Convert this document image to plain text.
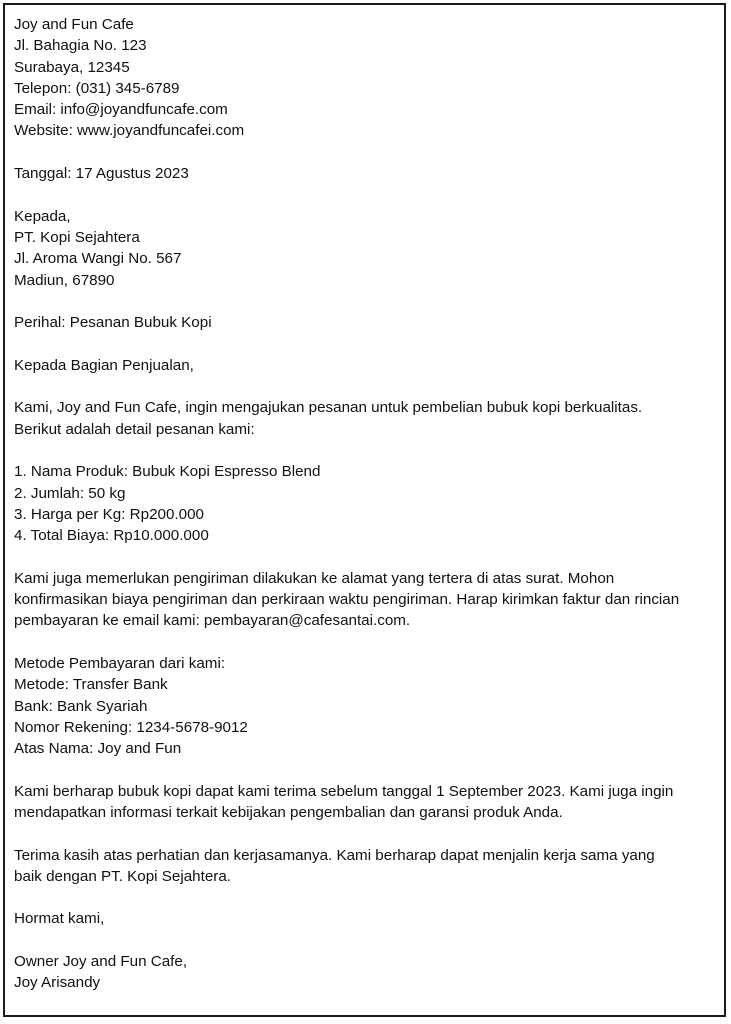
Joy and Fun Cafe
Jl. Bahagia No. 123
Surabaya, 12345
Telepon: (031) 345-6789
Email: info@joyandfuncafe.com
Website: www.joyandfuncafei.com
Tanggal: 17 Agustus 2023
Kepada,
PT. Kopi Sejahtera
Jl. Aroma Wangi No. 567
Madiun, 67890
Perihal: Pesanan Bubuk Kopi
Kepada Bagian Penjualan,
Kami, Joy and Fun Cafe, ingin mengajukan pesanan untuk pembelian bubuk kopi berkualitas.
Berikut adalah detail pesanan kami:
1. Nama Produk: Bubuk Kopi Espresso Blend
2. Jumlah: 50 kg
3. Harga per Kg: Rp200.000
4. Total Biaya: Rp10.000.000
Kami juga memerlukan pengiriman dilakukan ke alamat yang tertera di atas surat. Mohon
konfirmasikan biaya pengiriman dan perkiraan waktu pengiriman. Harap kirimkan faktur dan rincian
pembayaran ke email kami: pembayaran@cafesantai.com.
Metode Pembayaran dari kami:
Metode: Transfer Bank
Bank: Bank Syariah
Nomor Rekening: 1234-5678-9012
Atas Nama: Joy and Fun
Kami berharap bubuk kopi dapat kami terima sebelum tanggal 1 September 2023. Kami juga ingin
mendapatkan informasi terkait kebijakan pengembalian dan garansi produk Anda.
Terima kasih atas perhatian dan kerjasamanya. Kami berharap dapat menjalin kerja sama yang
baik dengan PT. Kopi Sejahtera.
Hormat kami,
Owner Joy and Fun Cafe,
Joy Arisandy
